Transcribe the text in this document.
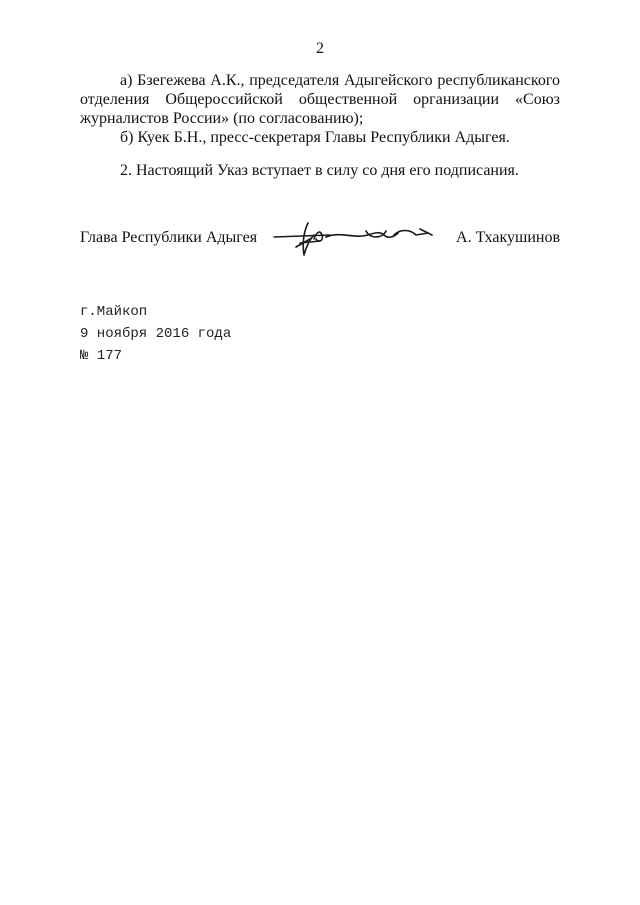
2
а) Бзегежева А.К., председателя Адыгейского республиканского
отделения Общероссийской общественной организации «Союз
журналистов России» (по согласованию);
б) Куек Б.Н., пресс-секретаря Главы Республики Адыгея.
2. Настоящий Указ вступает в силу со дня его подписания.
Глава Республики Адыгея	А. Тхакушинов
г.Майкоп
9 ноября 2016 года
№ 177
